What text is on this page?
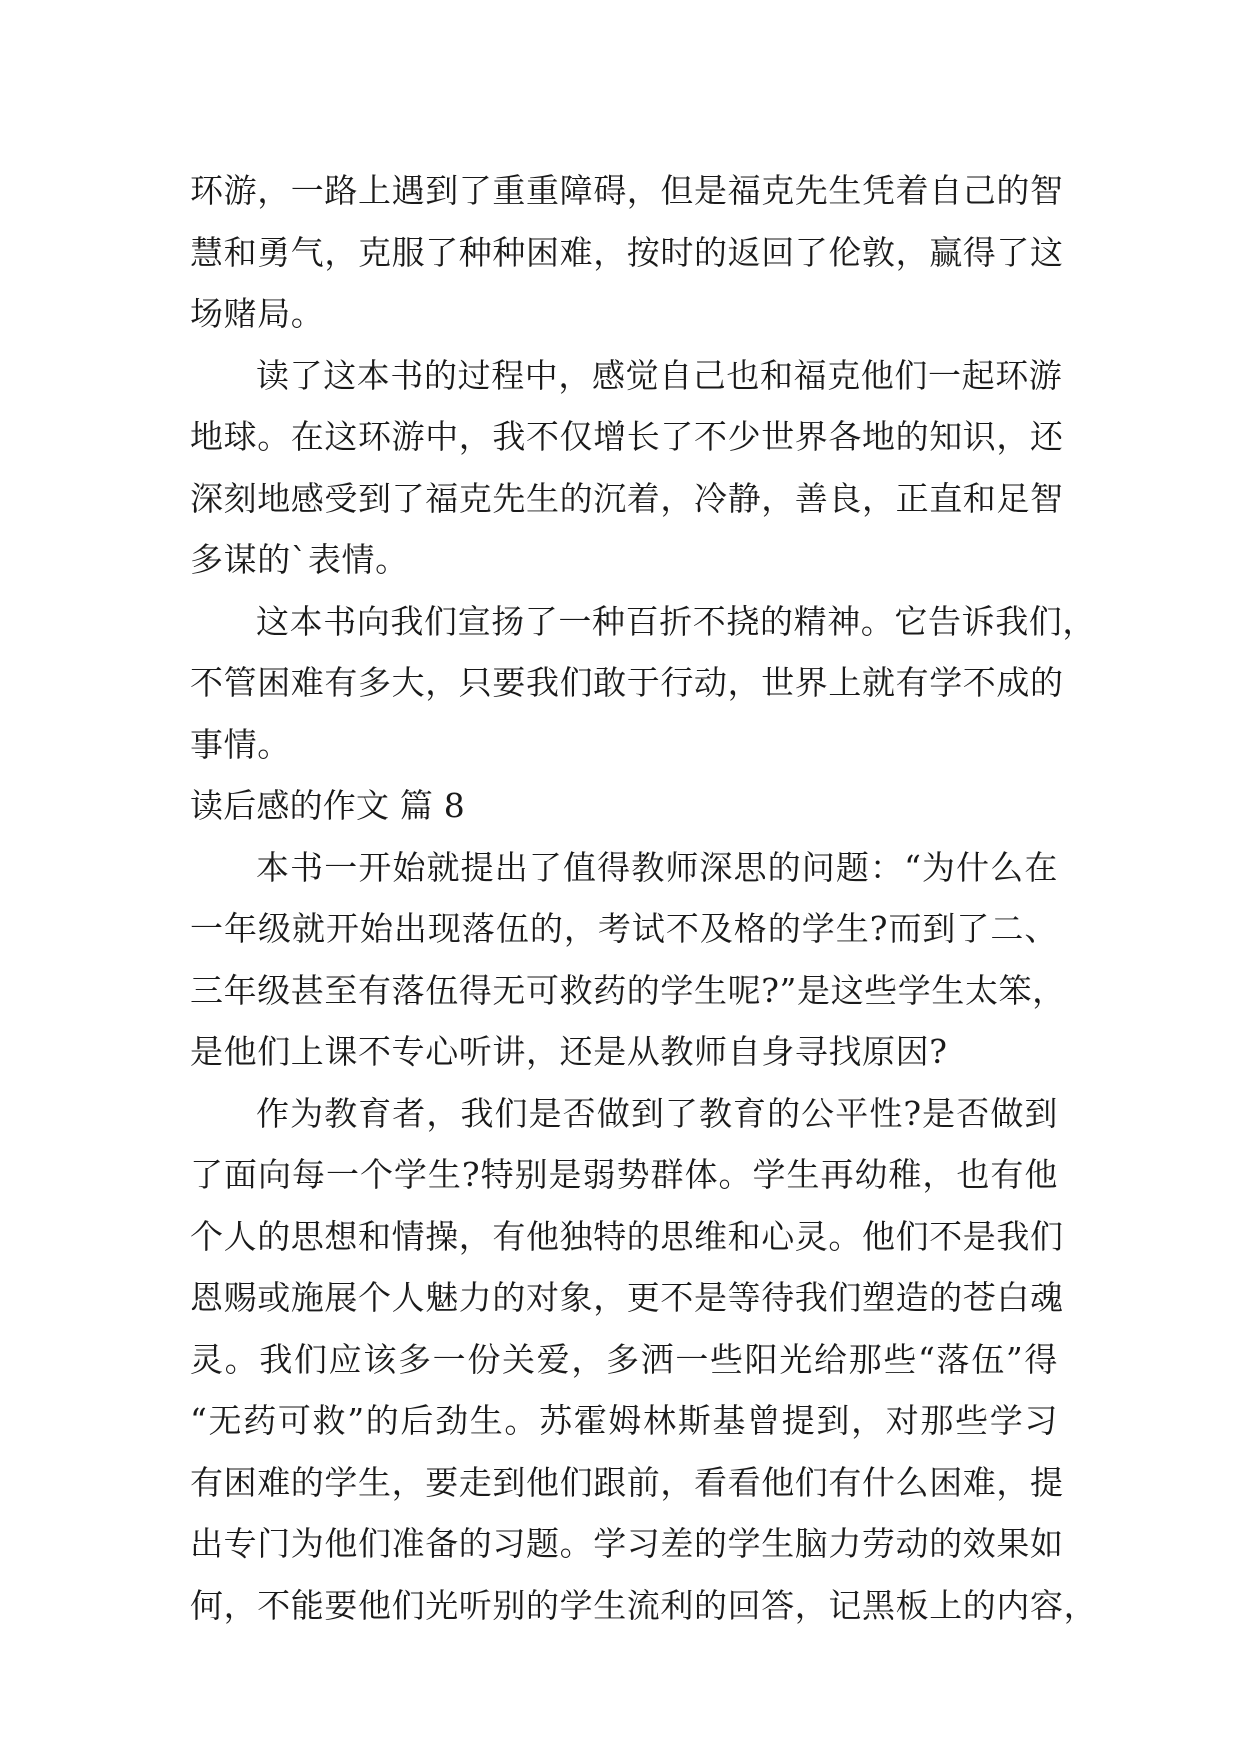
环游，一路上遇到了重重障碍，但是福克先生凭着自己的智
慧和勇气，克服了种种困难，按时的返回了伦敦，赢得了这
场赌局。
读了这本书的过程中，感觉自己也和福克他们一起环游
地球。在这环游中，我不仅增长了不少世界各地的知识，还
深刻地感受到了福克先生的沉着，冷静，善良，正直和足智
多谋的`表情。
这本书向我们宣扬了一种百折不挠的精神。它告诉我们，
不管困难有多大，只要我们敢于行动，世界上就有学不成的
事情。
读后感的作文 篇 8
本书一开始就提出了值得教师深思的问题：“为什么在
一年级就开始出现落伍的，考试不及格的学生?而到了二、
三年级甚至有落伍得无可救药的学生呢?”是这些学生太笨，
是他们上课不专心听讲，还是从教师自身寻找原因?
作为教育者，我们是否做到了教育的公平性?是否做到
了面向每一个学生?特别是弱势群体。学生再幼稚，也有他
个人的思想和情操，有他独特的思维和心灵。他们不是我们
恩赐或施展个人魅力的对象，更不是等待我们塑造的苍白魂
灵。我们应该多一份关爱，多洒一些阳光给那些“落伍”得
“无药可救”的后劲生。苏霍姆林斯基曾提到，对那些学习
有困难的学生，要走到他们跟前，看看他们有什么困难，提
出专门为他们准备的习题。学习差的学生脑力劳动的效果如
何，不能要他们光听别的学生流利的回答，记黑板上的内容，
